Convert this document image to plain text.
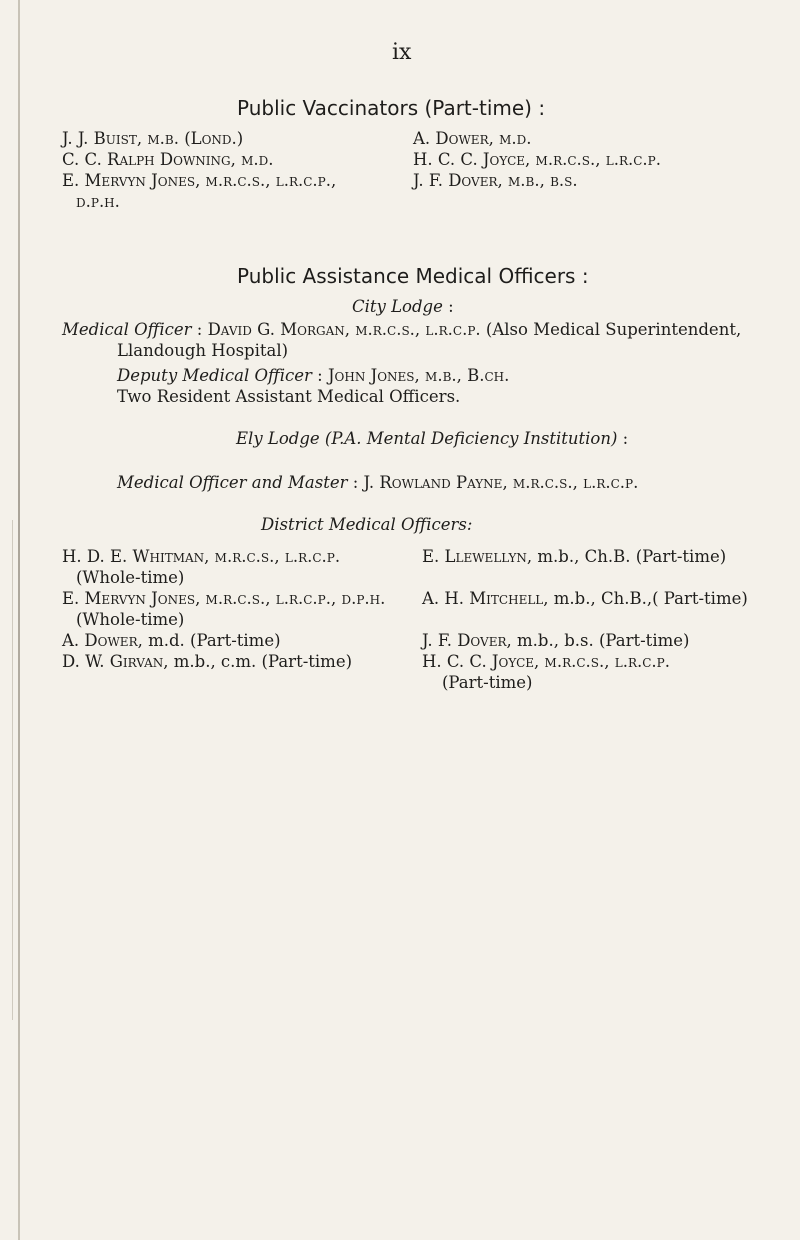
ix
Public Vaccinators (Part-time) :
J. J. Buist, m.b. (Lond.)
C. C. Ralph Downing, m.d.
E. Mervyn Jones, m.r.c.s., l.r.c.p.,
d.p.h.
A. Dower, m.d.
H. C. C. Joyce, m.r.c.s., l.r.c.p.
J. F. Dover, m.b., b.s.
Public Assistance Medical Officers :
City Lodge :
Medical Officer : David G. Morgan, m.r.c.s., l.r.c.p. (Also Medical Superintendent,
Llandough Hospital)
Deputy Medical Officer : John Jones, m.b., B.ch.
Two Resident Assistant Medical Officers.
Ely Lodge (P.A. Mental Deficiency Institution) :
Medical Officer and Master : J. Rowland Payne, m.r.c.s., l.r.c.p.
District Medical Officers:
H. D. E. Whitman, m.r.c.s., l.r.c.p.
(Whole-time)
E. Mervyn Jones, m.r.c.s., l.r.c.p., d.p.h.
(Whole-time)
A. Dower, m.d. (Part-time)
D. W. Girvan, m.b., c.m. (Part-time)
E. Llewellyn, m.b., Ch.B. (Part-time)
A. H. Mitchell, m.b., Ch.B.,( Part-time)
J. F. Dover, m.b., b.s. (Part-time)
H. C. C. Joyce, m.r.c.s., l.r.c.p.
(Part-time)
